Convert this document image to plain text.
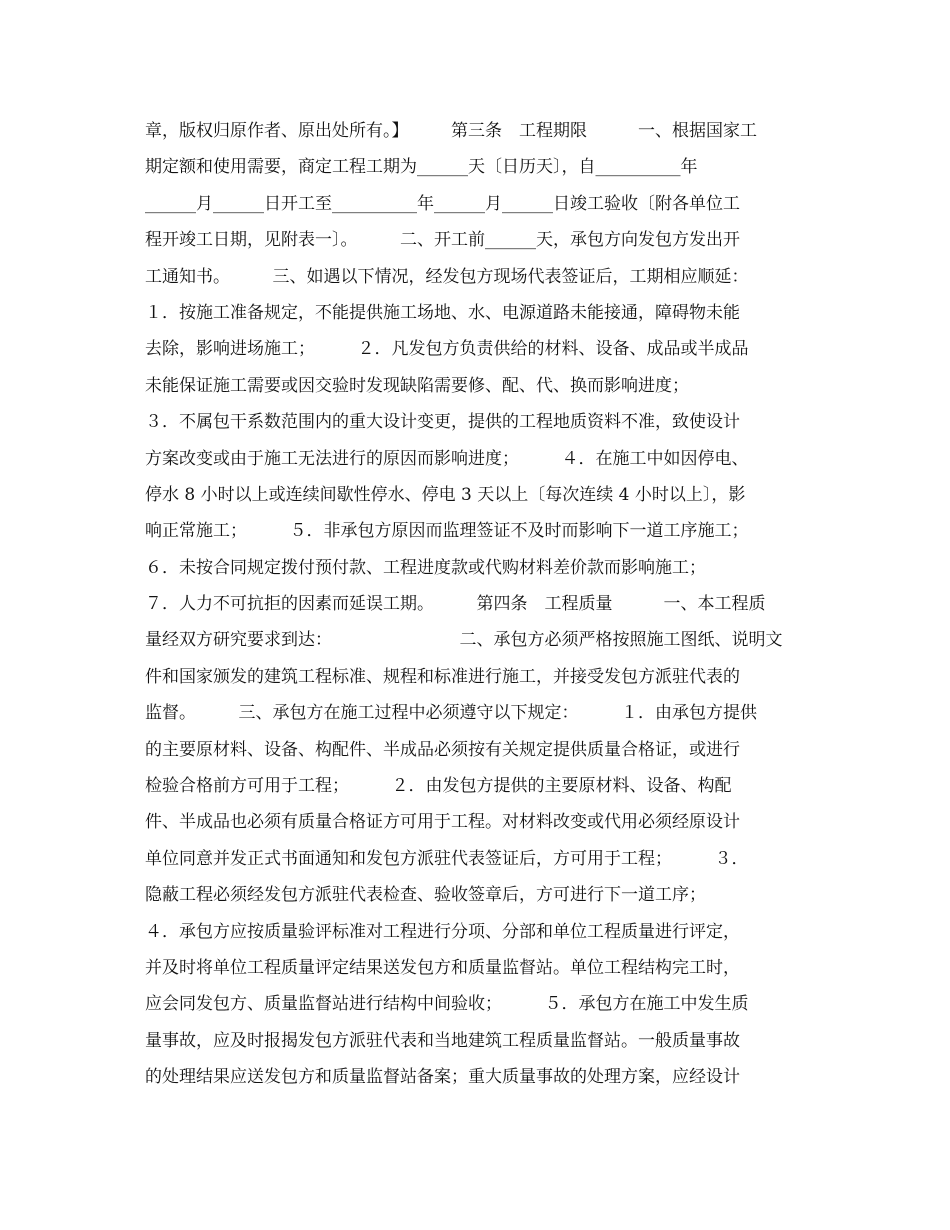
章，版权归原作者、原出处所有。】　　　第三条　工程期限　　　一、根据国家工
期定额和使用需要，商定工程工期为______天〔日历天〕，自__________年
______月______日开工至__________年______月______日竣工验收〔附各单位工
程开竣工日期，见附表一〕。　　　二、开工前______天，承包方向发包方发出开
工通知书。　　　三、如遇以下情况，经发包方现场代表签证后，工期相应顺延：
１．按施工准备规定，不能提供施工场地、水、电源道路未能接通，障碍物未能
去除，影响进场施工；　　　２．凡发包方负责供给的材料、设备、成品或半成品
未能保证施工需要或因交验时发现缺陷需要修、配、代、换而影响进度；
３．不属包干系数范围内的重大设计变更，提供的工程地质资料不准，致使设计
方案改变或由于施工无法进行的原因而影响进度；　　　４．在施工中如因停电、
停水 8 小时以上或连续间歇性停水、停电 3 天以上〔每次连续 4 小时以上〕，影
响正常施工；　　　５．非承包方原因而监理签证不及时而影响下一道工序施工；
６．未按合同规定拨付预付款、工程进度款或代购材料差价款而影响施工；
７．人力不可抗拒的因素而延误工期。　　　第四条　工程质量　　　一、本工程质
量经双方研究要求到达：　　　　　　　　二、承包方必须严格按照施工图纸、说明文
件和国家颁发的建筑工程标准、规程和标准进行施工，并接受发包方派驻代表的
监督。　　　三、承包方在施工过程中必须遵守以下规定：　　　１．由承包方提供
的主要原材料、设备、构配件、半成品必须按有关规定提供质量合格证，或进行
检验合格前方可用于工程；　　　２．由发包方提供的主要原材料、设备、构配
件、半成品也必须有质量合格证方可用于工程。对材料改变或代用必须经原设计
单位同意并发正式书面通知和发包方派驻代表签证后，方可用于工程；　　　３．
隐蔽工程必须经发包方派驻代表检查、验收签章后，方可进行下一道工序；
４．承包方应按质量验评标准对工程进行分项、分部和单位工程质量进行评定，
并及时将单位工程质量评定结果送发包方和质量监督站。单位工程结构完工时，
应会同发包方、质量监督站进行结构中间验收；　　　５．承包方在施工中发生质
量事故，应及时报揭发包方派驻代表和当地建筑工程质量监督站。一般质量事故
的处理结果应送发包方和质量监督站备案；重大质量事故的处理方案，应经设计
